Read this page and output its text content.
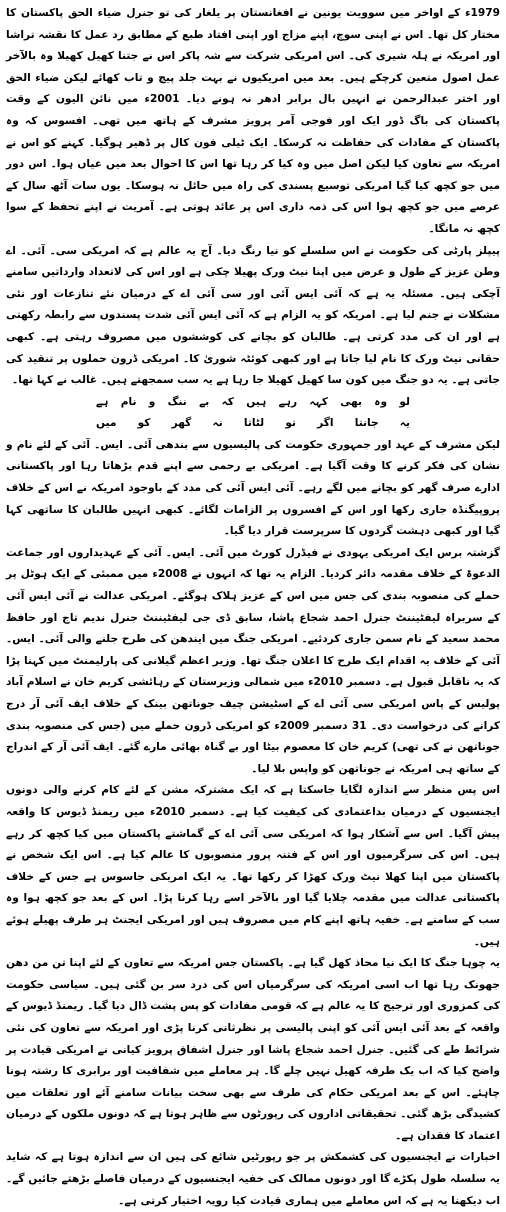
1979ء کے اواخر میں سوویت یونین نے افغانستان پر یلغار کی تو جنرل ضیاء الحق پاکستان کا مختار کل تھا۔ اس نے اپنی سوچ، اپنے مزاج اور اپنی افتاد طبع کے مطابق رد عمل کا نقشہ تراشا اور امریکہ نے ہلہ شیری کی۔ اس امریکی شرکت سے شہ پاکر اس نے جتنا کھیل کھیلا وہ بالآخر عمل اصول متعین کرچکے ہیں۔ بعد میں امریکیوں نے بہت جلد پیچ و تاب کھائے لیکن ضیاء الحق اور اختر عبدالرحمن نے انہیں بال برابر ادھر نہ ہونے دیا۔ 2001ء میں نائن الیون کے وقت پاکستان کی باگ ڈور ایک اور فوجی آمر پرویز مشرف کے ہاتھ میں تھی۔ افسوس کہ وہ پاکستان کے مفادات کی حفاظت نہ کرسکا۔ ایک ٹیلی فون کال پر ڈھیر ہوگیا۔ کہنے کو اس نے امریکہ سے تعاون کیا لیکن اصل میں وہ کیا کر رہا تھا اس کا احوال بعد میں عیاں ہوا۔ اس دور میں جو کچھ کیا گیا امریکی توسیع پسندی کی راہ میں حائل نہ ہوسکا۔ یوں سات آٹھ سال کے عرصے میں جو کچھ ہوا اس کی ذمہ داری اس پر عائد ہوتی ہے۔ آمریت نے اپنے تحفظ کے سوا کچھ نہ مانگا۔

پیپلز پارٹی کی حکومت نے اس سلسلے کو نیا رنگ دیا۔ آج یہ عالم ہے کہ امریکی سی۔ آئی۔ اے وطن عزیز کے طول و عرض میں اپنا نیٹ ورک پھیلا چکی ہے اور اس کی لاتعداد وارداتیں سامنے آچکی ہیں۔ مسئلہ یہ ہے کہ آئی ایس آئی اور سی آئی اے کے درمیان نئے تنازعات اور نئی مشکلات نے جنم لیا ہے۔ امریکہ کو یہ الزام ہے کہ آئی ایس آئی شدت پسندوں سے رابطہ رکھتی ہے اور ان کی مدد کرتی ہے۔ طالبان کو بچانے کی کوششوں میں مصروف رہتی ہے۔ کبھی حقانی نیٹ ورک کا نام لیا جاتا ہے اور کبھی کوئٹہ شوریٰ کا۔ امریکی ڈرون حملوں پر تنقید کی جاتی ہے۔ یہ دو جنگ میں کون سا کھیل کھیلا جا رہا ہے یہ سب سمجھتے ہیں۔ غالب نے کہا تھا۔

لو وہ بھی کہہ رہے ہیں کہ بے ننگ و نام ہے
یہ جانتا اگر تو لٹاتا نہ گھر کو میں

لیکن مشرف کے عہد اور جمہوری حکومت کی پالیسیوں سے بندھی آئی۔ ایس۔ آئی کے لئے نام و نشان کی فکر کرنے کا وقت آگیا ہے۔ امریکی بے رحمی سے اپنے قدم بڑھاتا رہا اور پاکستانی ادارے صرف گھر کو بچانے میں لگے رہے۔ آئی ایس آئی کی مدد کے باوجود امریکہ نے اس کے خلاف پروپیگنڈہ جاری رکھا اور اس کے افسروں پر الزامات لگائے۔ کبھی انہیں طالبان کا ساتھی کہا گیا اور کبھی دہشت گردوں کا سرپرست قرار دیا گیا۔

گزشتہ برس ایک امریکی یہودی نے فیڈرل کورٹ میں آئی۔ ایس۔ آئی کے عہدیداروں اور جماعت الدعوۃ کے خلاف مقدمہ دائر کردیا۔ الزام یہ تھا کہ انہوں نے 2008ء میں ممبئی کے ایک ہوٹل پر حملے کی منصوبہ بندی کی جس میں اس کے عزیز ہلاک ہوگئے۔ امریکی عدالت نے آئی ایس آئی کے سربراہ لیفٹیننٹ جنرل احمد شجاع پاشا، سابق ڈی جی لیفٹیننٹ جنرل ندیم تاج اور حافظ محمد سعید کے نام سمن جاری کردئیے۔ امریکی جنگ میں ایندھن کی طرح جلنے والی آئی۔ ایس۔ آئی کے خلاف یہ اقدام ایک طرح کا اعلان جنگ تھا۔ وزیر اعظم گیلانی کی پارلیمنٹ میں کہنا پڑا کہ یہ ناقابل قبول ہے۔ دسمبر 2010ء میں شمالی وزیرستان کے رہائشی کریم خان نے اسلام آباد پولیس کے پاس امریکی سی آئی اے کے اسٹیشن چیف جوناتھن بینک کے خلاف ایف آئی آر درج کرانے کی درخواست دی۔ 31 دسمبر 2009ء کو امریکی ڈرون حملے میں (جس کی منصوبہ بندی جوناتھن نے کی تھی) کریم خان کا معصوم بیٹا اور بے گناہ بھائی مارے گئے۔ ایف آئی آر کے اندراج کے ساتھ ہی امریکہ نے جوناتھن کو واپس بلا لیا۔

اس پس منظر سے اندازہ لگایا جاسکتا ہے کہ ایک مشترکہ مشن کے لئے کام کرنے والی دونوں ایجنسیوں کے درمیان بداعتمادی کی کیفیت کیا ہے۔ دسمبر 2010ء میں ریمنڈ ڈیوس کا واقعہ پیش آگیا۔ اس سے آشکار ہوا کہ امریکی سی آئی اے کے گماشتے پاکستان میں کیا کچھ کر رہے ہیں۔ اس کی سرگرمیوں اور اس کے فتنہ پرور منصوبوں کا عالم کیا ہے۔ اس ایک شخص نے پاکستان میں اپنا کھلا نیٹ ورک کھڑا کر رکھا تھا۔ یہ ایک امریکی جاسوس ہے جس کے خلاف پاکستانی عدالت میں مقدمہ چلایا گیا اور بالآخر اسے رہا کرنا پڑا۔ اس کے بعد جو کچھ ہوا وہ سب کے سامنے ہے۔ خفیہ ہاتھ اپنے کام میں مصروف ہیں اور امریکی ایجنٹ ہر طرف پھیلے ہوئے ہیں۔

یہ چوہا جنگ کا ایک نیا محاذ کھل گیا ہے۔ پاکستان جس امریکہ سے تعاون کے لئے اپنا تن من دھن جھونک رہا تھا اب اسی امریکہ کی سرگرمیاں اس کی درد سر بن گئی ہیں۔ سیاسی حکومت کی کمزوری اور ترجیح کا یہ عالم ہے کہ قومی مفادات کو پس پشت ڈال دیا گیا۔ ریمنڈ ڈیوس کے واقعہ کے بعد آئی ایس آئی کو اپنی پالیسی پر نظرثانی کرنا پڑی اور امریکہ سے تعاون کی نئی شرائط طے کی گئیں۔ جنرل احمد شجاع پاشا اور جنرل اشفاق پرویز کیانی نے امریکی قیادت پر واضح کیا کہ اب یک طرفہ کھیل نہیں چلے گا۔ ہر معاملے میں شفافیت اور برابری کا رشتہ ہونا چاہئے۔ اس کے بعد امریکی حکام کی طرف سے بھی سخت بیانات سامنے آئے اور تعلقات میں کشیدگی بڑھ گئی۔ تحقیقاتی اداروں کی رپورٹوں سے ظاہر ہوتا ہے کہ دونوں ملکوں کے درمیان اعتماد کا فقدان ہے۔

اخبارات نے ایجنسیوں کی کشمکش پر جو رپورٹیں شائع کی ہیں ان سے اندازہ ہوتا ہے کہ شاید یہ سلسلہ طول پکڑے گا اور دونوں ممالک کی خفیہ ایجنسیوں کے درمیان فاصلے بڑھتے جائیں گے۔ اب دیکھنا یہ ہے کہ اس معاملے میں ہماری قیادت کیا رویہ اختیار کرتی ہے۔
